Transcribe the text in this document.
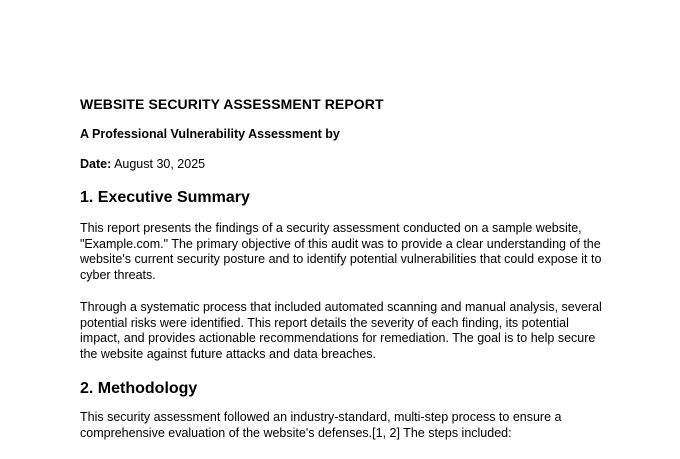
WEBSITE SECURITY ASSESSMENT REPORT

A Professional Vulnerability Assessment by

Date: August 30, 2025

1. Executive Summary

This report presents the findings of a security assessment conducted on a sample website,
"Example.com." The primary objective of this audit was to provide a clear understanding of the
website's current security posture and to identify potential vulnerabilities that could expose it to
cyber threats.

Through a systematic process that included automated scanning and manual analysis, several
potential risks were identified. This report details the severity of each finding, its potential
impact, and provides actionable recommendations for remediation. The goal is to help secure
the website against future attacks and data breaches.

2. Methodology

This security assessment followed an industry-standard, multi-step process to ensure a
comprehensive evaluation of the website's defenses.[1, 2] The steps included:
